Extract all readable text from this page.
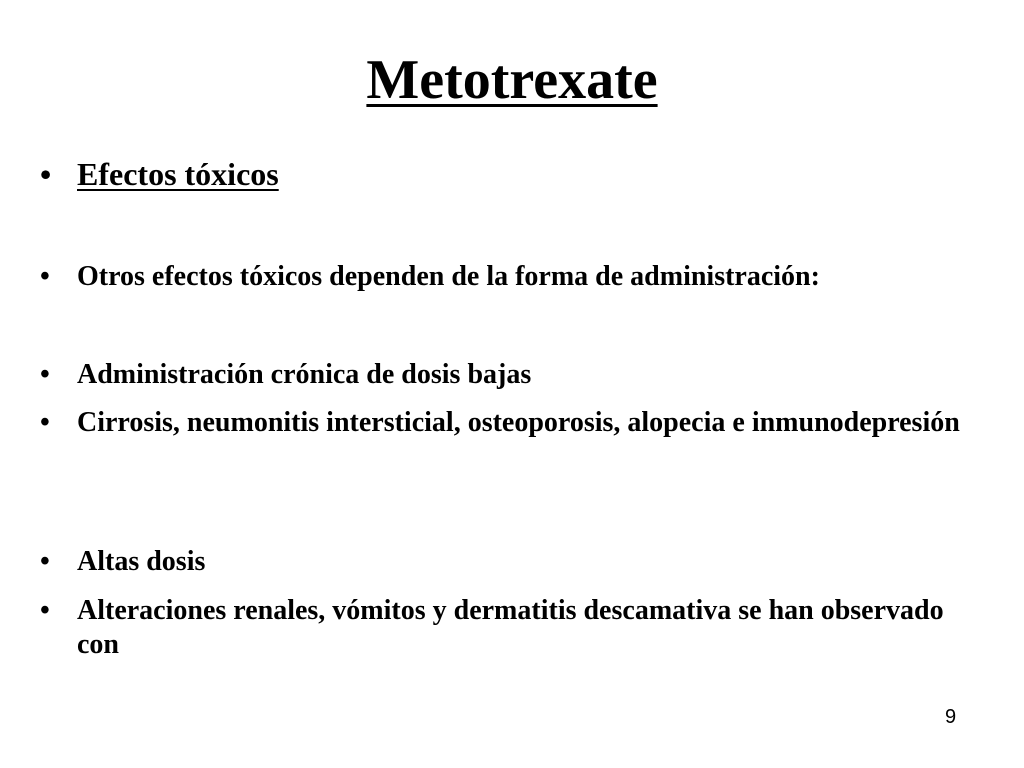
Metotrexate
• Efectos tóxicos
• Otros efectos tóxicos dependen de la forma de administración:
• Administración crónica de dosis bajas
• Cirrosis, neumonitis intersticial, osteoporosis, alopecia e inmunodepresión
• Altas dosis
• Alteraciones renales, vómitos y dermatitis descamativa se han observado con
9
